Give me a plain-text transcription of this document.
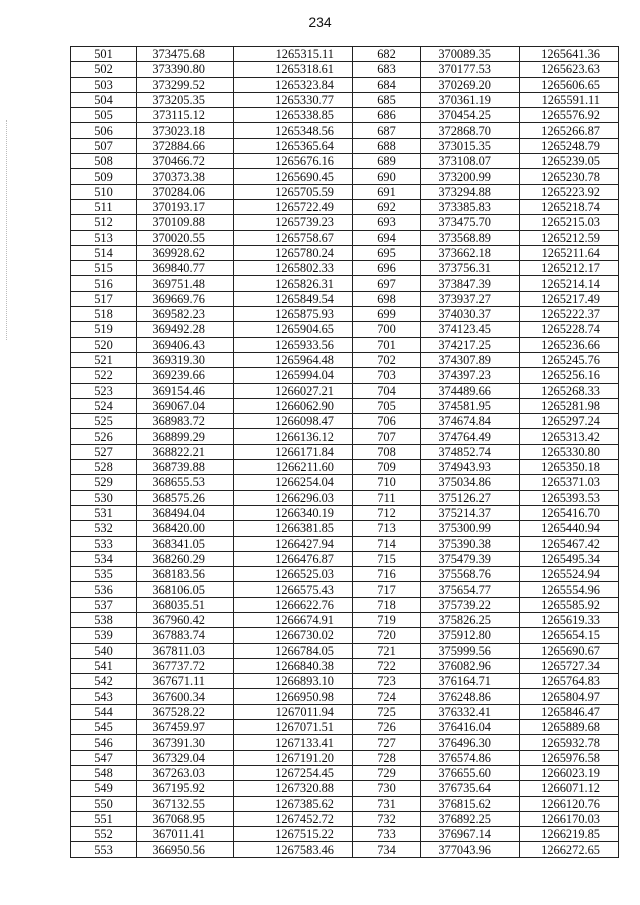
234
501	373475.68	1265315.11	682	370089.35	1265641.36
502	373390.80	1265318.61	683	370177.53	1265623.63
503	373299.52	1265323.84	684	370269.20	1265606.65
504	373205.35	1265330.77	685	370361.19	1265591.11
505	373115.12	1265338.85	686	370454.25	1265576.92
506	373023.18	1265348.56	687	372868.70	1265266.87
507	372884.66	1265365.64	688	373015.35	1265248.79
508	370466.72	1265676.16	689	373108.07	1265239.05
509	370373.38	1265690.45	690	373200.99	1265230.78
510	370284.06	1265705.59	691	373294.88	1265223.92
511	370193.17	1265722.49	692	373385.83	1265218.74
512	370109.88	1265739.23	693	373475.70	1265215.03
513	370020.55	1265758.67	694	373568.89	1265212.59
514	369928.62	1265780.24	695	373662.18	1265211.64
515	369840.77	1265802.33	696	373756.31	1265212.17
516	369751.48	1265826.31	697	373847.39	1265214.14
517	369669.76	1265849.54	698	373937.27	1265217.49
518	369582.23	1265875.93	699	374030.37	1265222.37
519	369492.28	1265904.65	700	374123.45	1265228.74
520	369406.43	1265933.56	701	374217.25	1265236.66
521	369319.30	1265964.48	702	374307.89	1265245.76
522	369239.66	1265994.04	703	374397.23	1265256.16
523	369154.46	1266027.21	704	374489.66	1265268.33
524	369067.04	1266062.90	705	374581.95	1265281.98
525	368983.72	1266098.47	706	374674.84	1265297.24
526	368899.29	1266136.12	707	374764.49	1265313.42
527	368822.21	1266171.84	708	374852.74	1265330.80
528	368739.88	1266211.60	709	374943.93	1265350.18
529	368655.53	1266254.04	710	375034.86	1265371.03
530	368575.26	1266296.03	711	375126.27	1265393.53
531	368494.04	1266340.19	712	375214.37	1265416.70
532	368420.00	1266381.85	713	375300.99	1265440.94
533	368341.05	1266427.94	714	375390.38	1265467.42
534	368260.29	1266476.87	715	375479.39	1265495.34
535	368183.56	1266525.03	716	375568.76	1265524.94
536	368106.05	1266575.43	717	375654.77	1265554.96
537	368035.51	1266622.76	718	375739.22	1265585.92
538	367960.42	1266674.91	719	375826.25	1265619.33
539	367883.74	1266730.02	720	375912.80	1265654.15
540	367811.03	1266784.05	721	375999.56	1265690.67
541	367737.72	1266840.38	722	376082.96	1265727.34
542	367671.11	1266893.10	723	376164.71	1265764.83
543	367600.34	1266950.98	724	376248.86	1265804.97
544	367528.22	1267011.94	725	376332.41	1265846.47
545	367459.97	1267071.51	726	376416.04	1265889.68
546	367391.30	1267133.41	727	376496.30	1265932.78
547	367329.04	1267191.20	728	376574.86	1265976.58
548	367263.03	1267254.45	729	376655.60	1266023.19
549	367195.92	1267320.88	730	376735.64	1266071.12
550	367132.55	1267385.62	731	376815.62	1266120.76
551	367068.95	1267452.72	732	376892.25	1266170.03
552	367011.41	1267515.22	733	376967.14	1266219.85
553	366950.56	1267583.46	734	377043.96	1266272.65
